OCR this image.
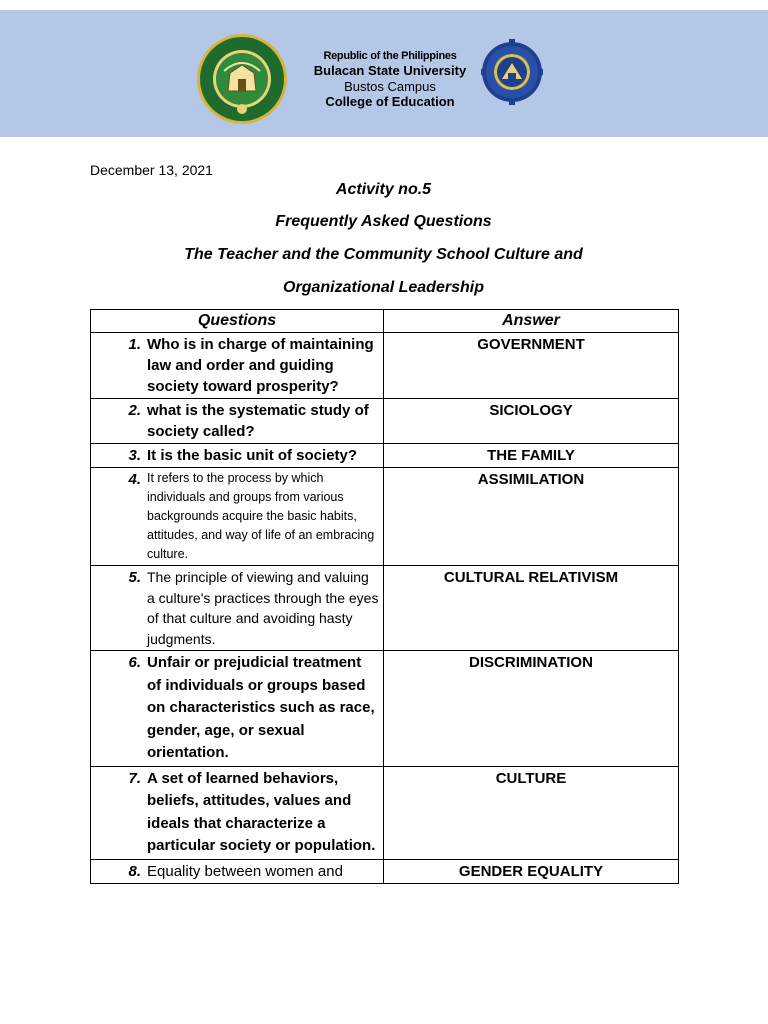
Republic of the Philippines
Bulacan State University
Bustos Campus
College of Education
December 13, 2021
Activity no.5
Frequently Asked Questions
The Teacher and the Community School Culture and
Organizational Leadership
Questions	Answer

1. Who is in charge of maintaining law and order and guiding society toward prosperity?	GOVERNMENT

2. what is the systematic study of society called?	SICIOLOGY

3. It is the basic unit of society?	THE FAMILY

4. It refers to the process by which individuals and groups from various backgrounds acquire the basic habits, attitudes, and way of life of an embracing culture.	ASSIMILATION

5. The principle of viewing and valuing a culture's practices through the eyes of that culture and avoiding hasty judgments.	CULTURAL RELATIVISM

6. Unfair or prejudicial treatment of individuals or groups based on characteristics such as race, gender, age, or sexual orientation.	DISCRIMINATION

7. A set of learned behaviors, beliefs, attitudes, values and ideals that characterize a particular society or population.	CULTURE

8. Equality between women and	GENDER EQUALITY
